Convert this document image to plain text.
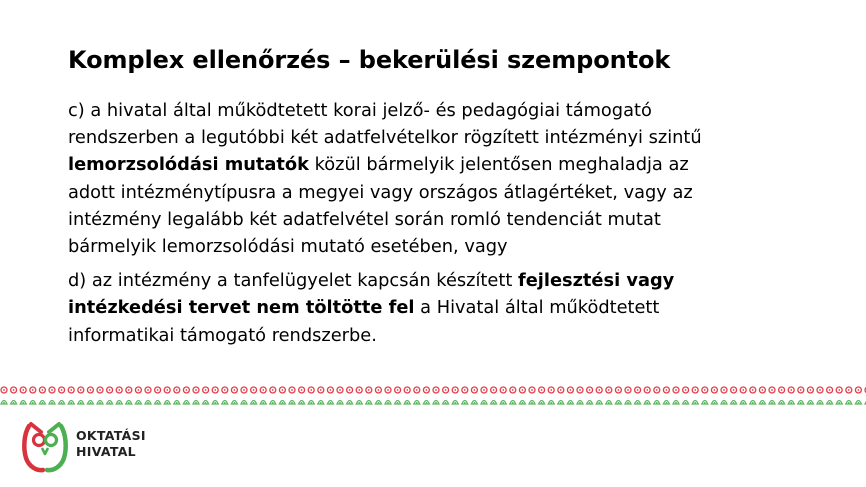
Komplex ellenőrzés – bekerülési szempontok

c) a hivatal által működtetett korai jelző- és pedagógiai támogató
rendszerben a legutóbbi két adatfelvételkor rögzített intézményi szintű
lemorzsolódási mutatók közül bármelyik jelentősen meghaladja az
adott intézménytípusra a megyei vagy országos átlagértéket, vagy az
intézmény legalább két adatfelvétel során romló tendenciát mutat
bármelyik lemorzsolódási mutató esetében, vagy

d) az intézmény a tanfelügyelet kapcsán készített fejlesztési vagy
intézkedési tervet nem töltötte fel a Hivatal által működtetett
informatikai támogató rendszerbe.

OKTATÁSI
HIVATAL
